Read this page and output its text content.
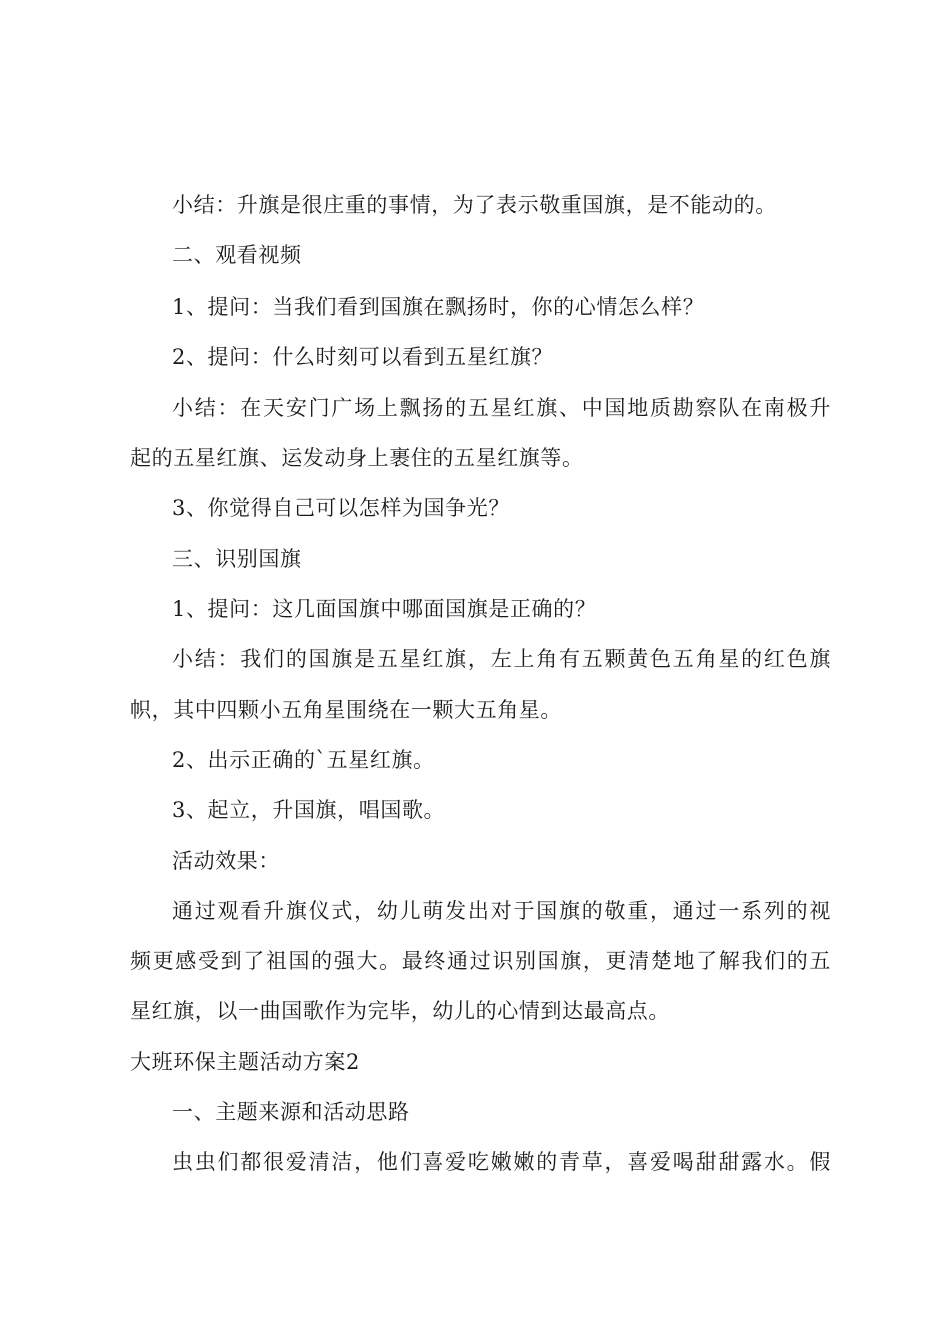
小结：升旗是很庄重的事情，为了表示敬重国旗，是不能动的。
二、观看视频
1、提问：当我们看到国旗在飘扬时，你的心情怎么样？
2、提问：什么时刻可以看到五星红旗？
小结：在天安门广场上飘扬的五星红旗、中国地质勘察队在南极升
起的五星红旗、运发动身上裹住的五星红旗等。
3、你觉得自己可以怎样为国争光？
三、识别国旗
1、提问：这几面国旗中哪面国旗是正确的？
小结：我们的国旗是五星红旗，左上角有五颗黄色五角星的红色旗
帜，其中四颗小五角星围绕在一颗大五角星。
2、出示正确的`五星红旗。
3、起立，升国旗，唱国歌。
活动效果：
通过观看升旗仪式，幼儿萌发出对于国旗的敬重，通过一系列的视
频更感受到了祖国的强大。最终通过识别国旗，更清楚地了解我们的五
星红旗，以一曲国歌作为完毕，幼儿的心情到达最高点。
大班环保主题活动方案2
一、主题来源和活动思路
虫虫们都很爱清洁，他们喜爱吃嫩嫩的青草，喜爱喝甜甜露水。假
